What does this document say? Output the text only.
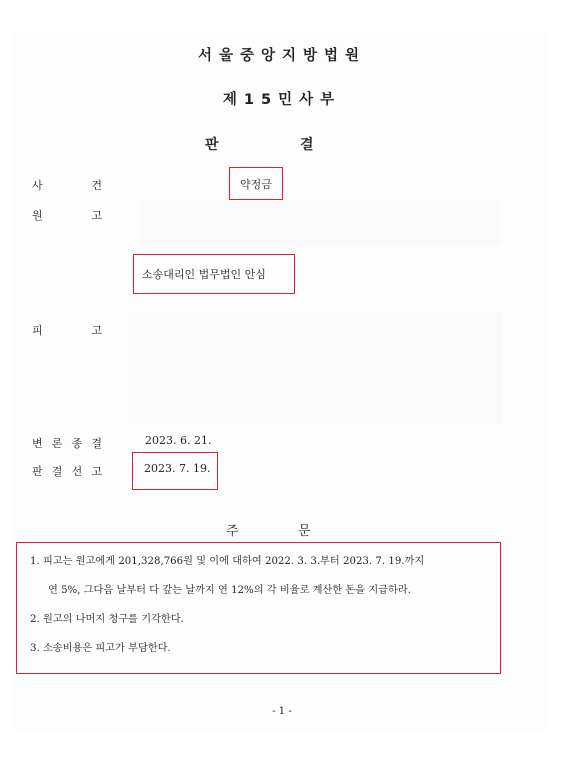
서울중앙지방법원
제15민사부
판	결
사	건	약정금
원	고
소송대리인 법무법인 안심
피	고
변 론 종 결	2023. 6. 21.
판 결 선 고	2023. 7. 19.
주	문
1. 피고는 원고에게 201,328,766원 및 이에 대하여 2022. 3. 3.부터 2023. 7. 19.까지
연 5%, 그다음 날부터 다 갚는 날까지 연 12%의 각 비율로 계산한 돈을 지급하라.
2. 원고의 나머지 청구를 기각한다.
3. 소송비용은 피고가 부담한다.
- 1 -
